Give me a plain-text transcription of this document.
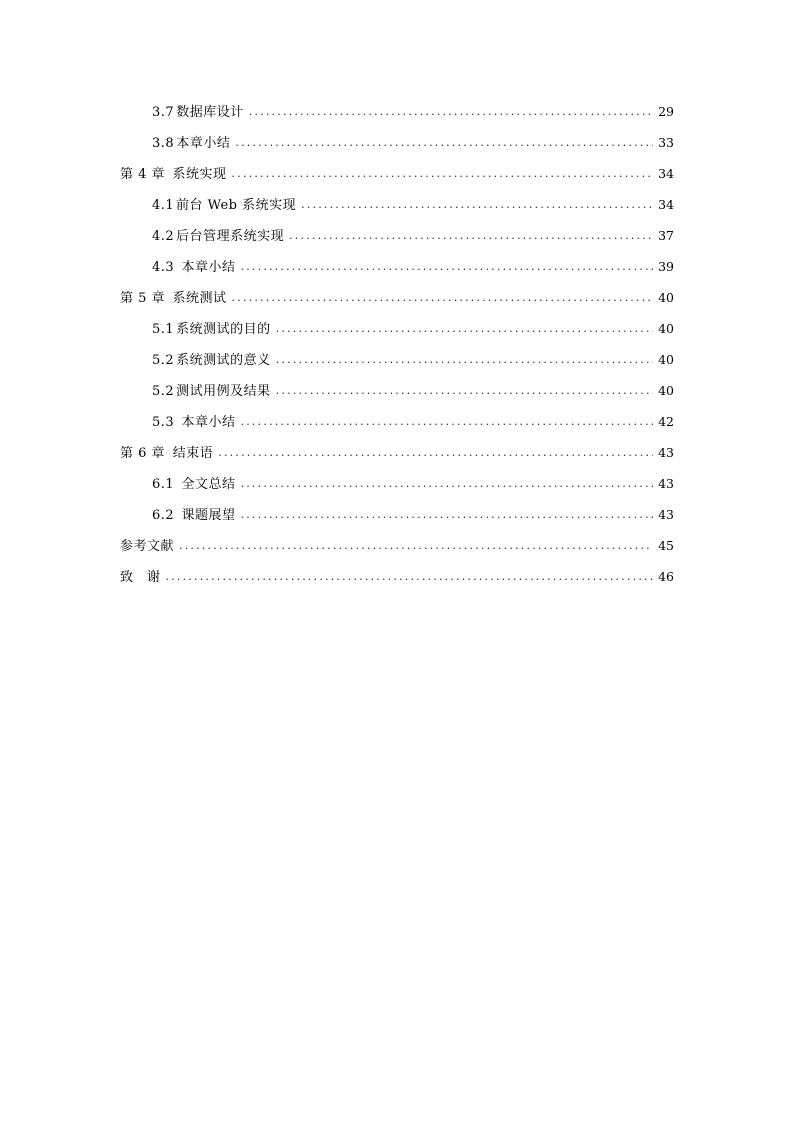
3.7 数据库设计 .....	29
3.8 本章小结 .....	33
第 4 章 系统实现 .....	34
4.1 前台 Web 系统实现 .....	34
4.2 后台管理系统实现 .....	37
4.3 本章小结 .....	39
第 5 章 系统测试 .....	40
5.1 系统测试的目的 .....	40
5.2 系统测试的意义 .....	40
5.2 测试用例及结果 .....	40
5.3 本章小结 .....	42
第 6 章 结束语 .....	43
6.1 全文总结 .....	43
6.2 课题展望 .....	43
参考文献 .....	45
致　谢 .....	46
